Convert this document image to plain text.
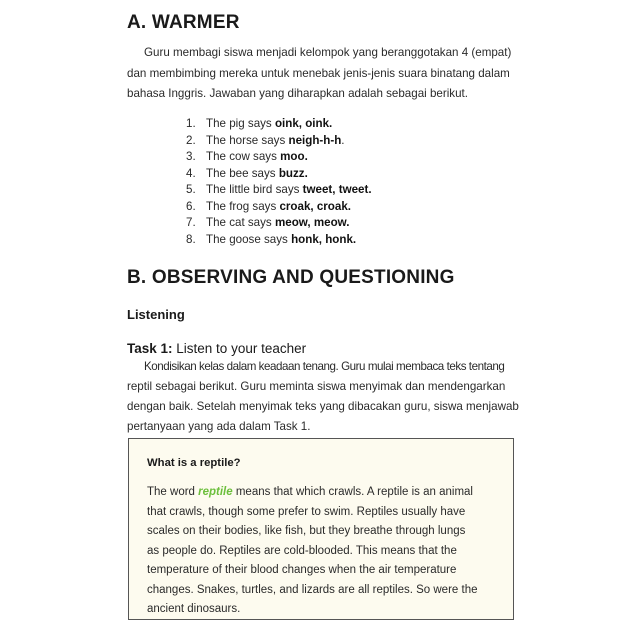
A. WARMER
Guru membagi siswa menjadi kelompok yang beranggotakan 4 (empat)
dan membimbing mereka untuk menebak jenis-jenis suara binatang dalam
bahasa Inggris. Jawaban yang diharapkan adalah sebagai berikut.
1. The pig says oink, oink.
2. The horse says neigh-h-h.
3. The cow says moo.
4. The bee says buzz.
5. The little bird says tweet, tweet.
6. The frog says croak, croak.
7. The cat says meow, meow.
8. The goose says honk, honk.
B. OBSERVING AND QUESTIONING
Listening
Task 1: Listen to your teacher
Kondisikan kelas dalam keadaan tenang. Guru mulai membaca teks tentang
reptil sebagai berikut. Guru meminta siswa menyimak dan mendengarkan
dengan baik. Setelah menyimak teks yang dibacakan guru, siswa menjawab
pertanyaan yang ada dalam Task 1.
What is a reptile?
The word reptile means that which crawls. A reptile is an animal
that crawls, though some prefer to swim. Reptiles usually have
scales on their bodies, like fish, but they breathe through lungs
as people do. Reptiles are cold-blooded. This means that the
temperature of their blood changes when the air temperature
changes. Snakes, turtles, and lizards are all reptiles. So were the
ancient dinosaurs.
